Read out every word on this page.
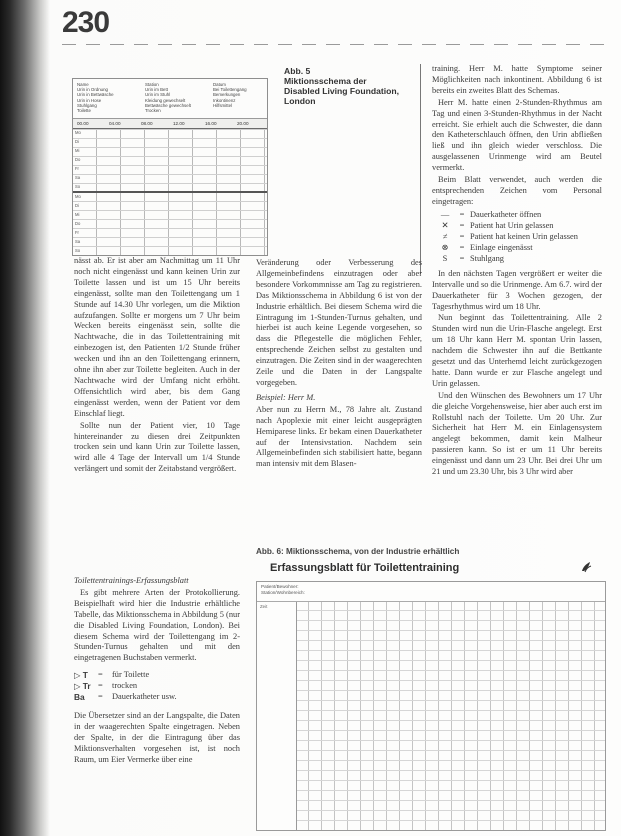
230
Name
Urin in Ordnung
Urin in Bettwäsche
Urin in Hose
Stuhlgang
Toilette
Station
Urin im Bett
Urin im Stuhl
Kleidung gewechselt
Bettwäsche gewechselt
Trocken
Datum
Bei Toilettengang
Bemerkungen
Inkontinenz
Hilfsmittel
00.00	04.00	08.00	12.00	16.00	20.00
Mo
Di
Mi
Do
Fr
Sa
So
Mo
Di
Mi
Do
Fr
Sa
So
Abb. 5
Miktionsschema der
Disabled Living Foundation,
London

nässt ab. Er ist aber am Nachmittag um 11 Uhr noch nicht eingenässt und kann keinen Urin zur Toilette lassen und ist um 15 Uhr bereits eingenässt, sollte man den Toilettengang um 1 Stunde auf 14.30 Uhr vorlegen, um die Miktion aufzufangen. Sollte er morgens um 7 Uhr beim Wecken bereits eingenässt sein, sollte die Nachtwache, die in das Toilettentraining mit einbezogen ist, den Patienten 1/2 Stunde früher wecken und ihn an den Toilettengang erinnern, ohne ihn aber zur Toilette begleiten. Auch in der Nachtwache wird der Umfang nicht erhöht. Offensichtlich wird aber, bis dem Gang eingenässt werden, wenn der Patient vor dem Einschlaf liegt.

Sollte nun der Patient vier, 10 Tage hintereinander zu diesen drei Zeitpunkten trocken sein und kann Urin zur Toilette lassen, wird alle 4 Tage der Intervall um 1/4 Stunde verlängert und somit der Zeitabstand vergrößert.

Toilettentrainings-Erfassungsblatt

Es gibt mehrere Arten der Protokollierung. Beispielhaft wird hier die Industrie erhältliche Tabelle, das Miktionsschema in Abbildung 5 (nur die Disabled Living Foundation, London). Bei diesem Schema wird der Toilettengang im 2-Stunden-Turnus gehalten und mit den eingetragenen Buchstaben vermerkt.

▷ T	=	für Toilette
▷ Tr =	trocken
Ba	=	Dauerkatheter usw.

Die Übersetzer sind an der Langspalte, die Daten in der waagerechten Spalte eingetragen. Neben der Spalte, in der die Eintragung über das Miktionsverhalten vorgesehen ist, ist noch Raum, um Eier Vermerke über eine

Veränderung oder Verbesserung des Allgemeinbefindens einzutragen oder aber besondere Vorkommnisse am Tag zu registrieren. Das Miktionsschema in Abbildung 6 ist von der Industrie erhältlich. Bei diesem Schema wird die Eintragung im 1-Stunden-Turnus gehalten, und hierbei ist auch keine Legende vorgesehen, so dass die Pflegestelle die möglichen Fehler, entsprechende Zeichen selbst zu gestalten und einzutragen. Die Zeiten sind in der waagerechten Zeile und die Daten in der Langspalte vorgegeben.

Beispiel: Herr M.

Aber nun zu Herrn M., 78 Jahre alt. Zustand nach Apoplexie mit einer leicht ausgeprägten Hemiparese links. Er bekam einen Dauerkatheter auf der Intensivstation. Nachdem sein Allgemeinbefinden sich stabilisiert hatte, begann man intensiv mit dem Blasen-

training. Herr M. hatte Symptome seiner Möglichkeiten nach inkontinent. Abbildung 6 ist bereits ein zweites Blatt des Schemas.

Herr M. hatte einen 2-Stunden-Rhythmus am Tag und einen 3-Stunden-Rhythmus in der Nacht erreicht. Sie erhielt auch die Schwester, die dann den Katheterschlauch öffnen, den Urin abfließen ließ und ihn gleich wieder verschloss. Die ausgelassenen Urinmenge wird am Beutel vermerkt.

Beim Blatt verwendet, auch werden die entsprechenden Zeichen vom Personal eingetragen:

—	= Dauerkatheter öffnen
✕	= Patient hat Urin gelassen
≠	= Patient hat keinen Urin gelassen
⊗	= Einlage eingenässt
S	= Stuhlgang

In den nächsten Tagen vergrößert er weiter die Intervalle und so die Urinmenge. Am 6.7. wird der Dauerkatheter für 3 Wochen gezogen, der Tagesrhythmus wird um 18 Uhr.

Nun beginnt das Toilettentraining. Alle 2 Stunden wird nun die Urin-Flasche angelegt. Erst um 18 Uhr kann Herr M. spontan Urin lassen, nachdem die Schwester ihn auf die Bettkante gesetzt und das Unterhemd leicht zurückgezogen hatte. Dann wurde er zur Flasche angelegt und Urin gelassen.

Und den Wünschen des Bewohners um 17 Uhr die gleiche Vorgehensweise, hier aber auch erst im Rollstuhl nach der Toilette. Um 20 Uhr. Zur Sicherheit hat Herr M. ein Einlagensystem angelegt bekommen, damit kein Malheur passieren kann. So ist er um 11 Uhr bereits eingenässt und dann um 23 Uhr. Bei drei Uhr um 21 und um 23.30 Uhr, bis 3 Uhr wird aber

Abb. 6: Miktionsschema, von der Industrie erhältlich
Erfassungsblatt für Toilettentraining
Patient/Bewohner:
Station/Wohnbereich:
Zeit
